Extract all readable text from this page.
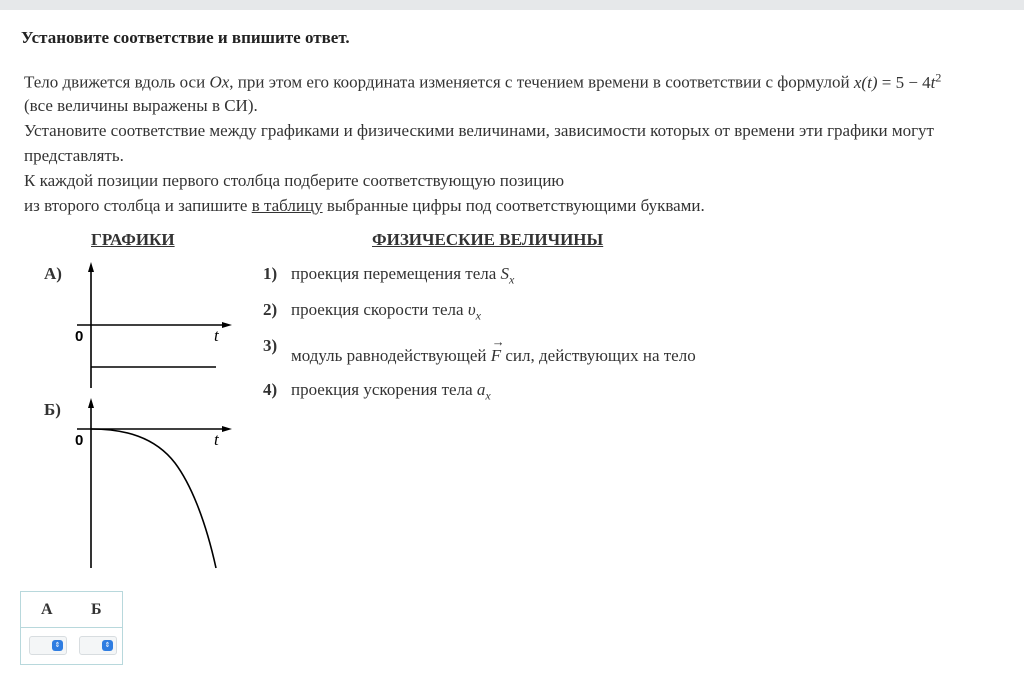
Установите соответствие и впишите ответ.
Тело движется вдоль оси Ox, при этом его координата изменяется с течением времени в соответствии с формулой $x(t) = 5 - 4t^2$
(все величины выражены в СИ).
Установите соответствие между графиками и физическими величинами, зависимости которых от времени эти графики могут
представлять.
К каждой позиции первого столбца подберите соответствующую позицию
из второго столбца и запишите в таблицу выбранные цифры под соответствующими буквами.
ГРАФИКИ	ФИЗИЧЕСКИЕ ВЕЛИЧИНЫ
А)
0	t
Б)
0	t
1) проекция перемещения тела $S_x$
2) проекция скорости тела $\upsilon_x$
3)
модуль равнодействующей
→
F сил, действующих на тело
4) проекция ускорения тела $a_x$
А Б
⇕	⇕
